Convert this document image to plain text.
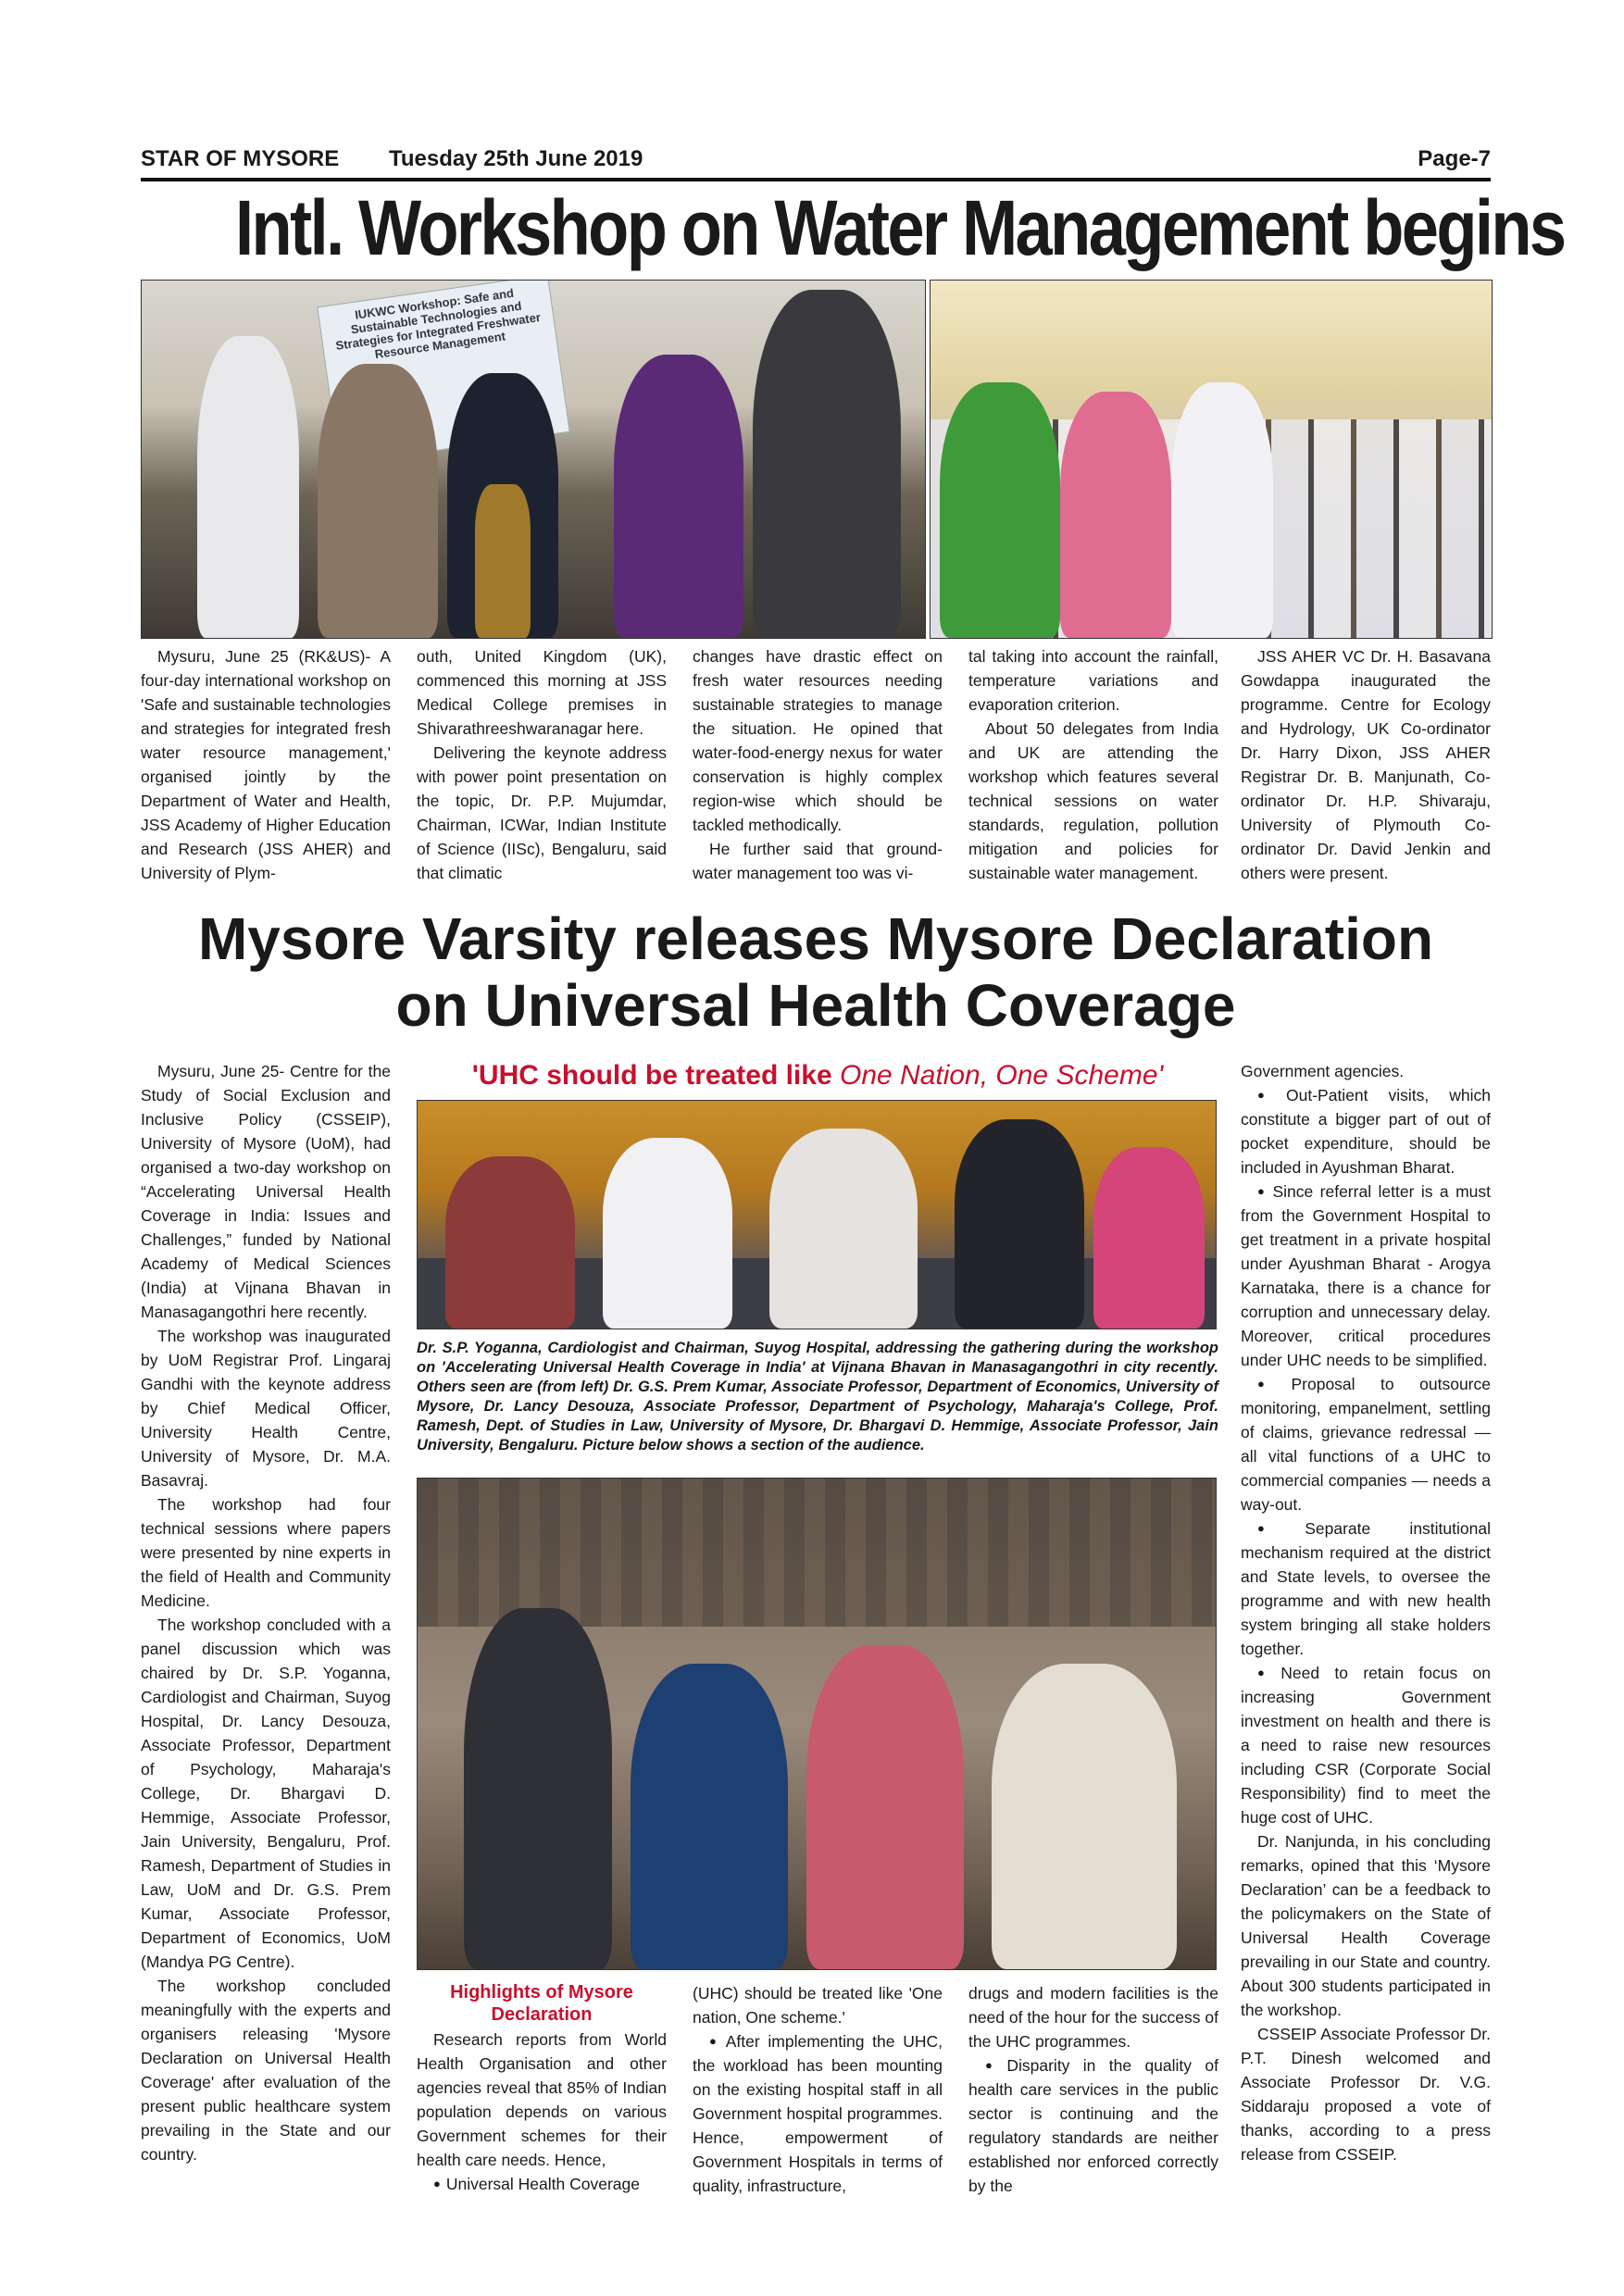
STAR OF MYSORE Tuesday 25th June 2019	Page-7
Intl. Workshop on Water Management begins
IUKWC Workshop: Safe and Sustainable Technologies and Strategies for Integrated Freshwater Resource Management

Mysuru, June 25 (RK&US)- A four-day international workshop on 'Safe and sustainable technologies and strategies for integrated fresh water resource management,' organised jointly by the Department of Water and Health, JSS Academy of Higher Education and Research (JSS AHER) and University of Plym-

outh, United Kingdom (UK), commenced this morning at JSS Medical College premises in Shivarathreeshwaranagar here.

Delivering the keynote address with power point presentation on the topic, Dr. P.P. Mujumdar, Chairman, ICWar, Indian Institute of Science (IISc), Bengaluru, said that climatic

changes have drastic effect on fresh water resources needing sustainable strategies to manage the situation. He opined that water-food-energy nexus for water conservation is highly complex region-wise which should be tackled methodically.

He further said that ground-water management too was vi-

tal taking into account the rainfall, temperature variations and evaporation criterion.

About 50 delegates from India and UK are attending the workshop which features several technical sessions on water standards, regulation, pollution mitigation and policies for sustainable water management.

JSS AHER VC Dr. H. Basavana Gowdappa inaugurated the programme. Centre for Ecology and Hydrology, UK Co-ordinator Dr. Harry Dixon, JSS AHER Registrar Dr. B. Manjunath, Co-ordinator Dr. H.P. Shivaraju, University of Plymouth Co-ordinator Dr. David Jenkin and others were present.

Mysore Varsity releases Mysore Declaration
on Universal Health Coverage

Mysuru, June 25- Centre for the Study of Social Exclusion and Inclusive Policy (CSSEIP), University of Mysore (UoM), had organised a two-day workshop on “Accelerating Universal Health Coverage in India: Issues and Challenges,” funded by National Academy of Medical Sciences (India) at Vijnana Bhavan in Manasagangothri here recently.

The workshop was inaugurated by UoM Registrar Prof. Lingaraj Gandhi with the keynote address by Chief Medical Officer, University Health Centre, University of Mysore, Dr. M.A. Basavraj.

The workshop had four technical sessions where papers were presented by nine experts in the field of Health and Community Medicine.

The workshop concluded with a panel discussion which was chaired by Dr. S.P. Yoganna, Cardiologist and Chairman, Suyog Hospital, Dr. Lancy Desouza, Associate Professor, Department of Psychology, Maharaja's College, Dr. Bhargavi D. Hemmige, Associate Professor, Jain University, Bengaluru, Prof. Ramesh, Department of Studies in Law, UoM and Dr. G.S. Prem Kumar, Associate Professor, Department of Economics, UoM (Mandya PG Centre).

The workshop concluded meaningfully with the experts and organisers releasing 'Mysore Declaration on Universal Health Coverage' after evaluation of the present public healthcare system prevailing in the State and our country.

'UHC should be treated like One Nation, One Scheme'
Dr. S.P. Yoganna, Cardiologist and Chairman, Suyog Hospital, addressing the gathering during the workshop on 'Accelerating Universal Health Coverage in India' at Vijnana Bhavan in Manasagangothri in city recently. Others seen are (from left) Dr. G.S. Prem Kumar, Associate Professor, Department of Economics, University of Mysore, Dr. Lancy Desouza, Associate Professor, Department of Psychology, Maharaja's College, Prof. Ramesh, Dept. of Studies in Law, University of Mysore, Dr. Bhargavi D. Hemmige, Associate Professor, Jain University, Bengaluru. Picture below shows a section of the audience.
Highlights of Mysore Declaration

Research reports from World Health Organisation and other agencies reveal that 85% of Indian population depends on various Government schemes for their health care needs. Hence,

● Universal Health Coverage

(UHC) should be treated like 'One nation, One scheme.'

● After implementing the UHC, the workload has been mounting on the existing hospital staff in all Government hospital programmes. Hence, empowerment of Government Hospitals in terms of quality, infrastructure,

drugs and modern facilities is the need of the hour for the success of the UHC programmes.

● Disparity in the quality of health care services in the public sector is continuing and the regulatory standards are neither established nor enforced correctly by the

Government agencies.

● Out-Patient visits, which constitute a bigger part of out of pocket expenditure, should be included in Ayushman Bharat.

● Since referral letter is a must from the Government Hospital to get treatment in a private hospital under Ayushman Bharat - Arogya Karnataka, there is a chance for corruption and unnecessary delay. Moreover, critical procedures under UHC needs to be simplified.

● Proposal to outsource monitoring, empanelment, settling of claims, grievance redressal — all vital functions of a UHC to commercial companies — needs a way-out.

● Separate institutional mechanism required at the district and State levels, to oversee the programme and with new health system bringing all stake holders together.

● Need to retain focus on increasing Government investment on health and there is a need to raise new resources including CSR (Corporate Social Responsibility) find to meet the huge cost of UHC.

Dr. Nanjunda, in his concluding remarks, opined that this ‘Mysore Declaration’ can be a feedback to the policymakers on the State of Universal Health Coverage prevailing in our State and country. About 300 students participated in the workshop.

CSSEIP Associate Professor Dr. P.T. Dinesh welcomed and Associate Professor Dr. V.G. Siddaraju proposed a vote of thanks, according to a press release from CSSEIP.
